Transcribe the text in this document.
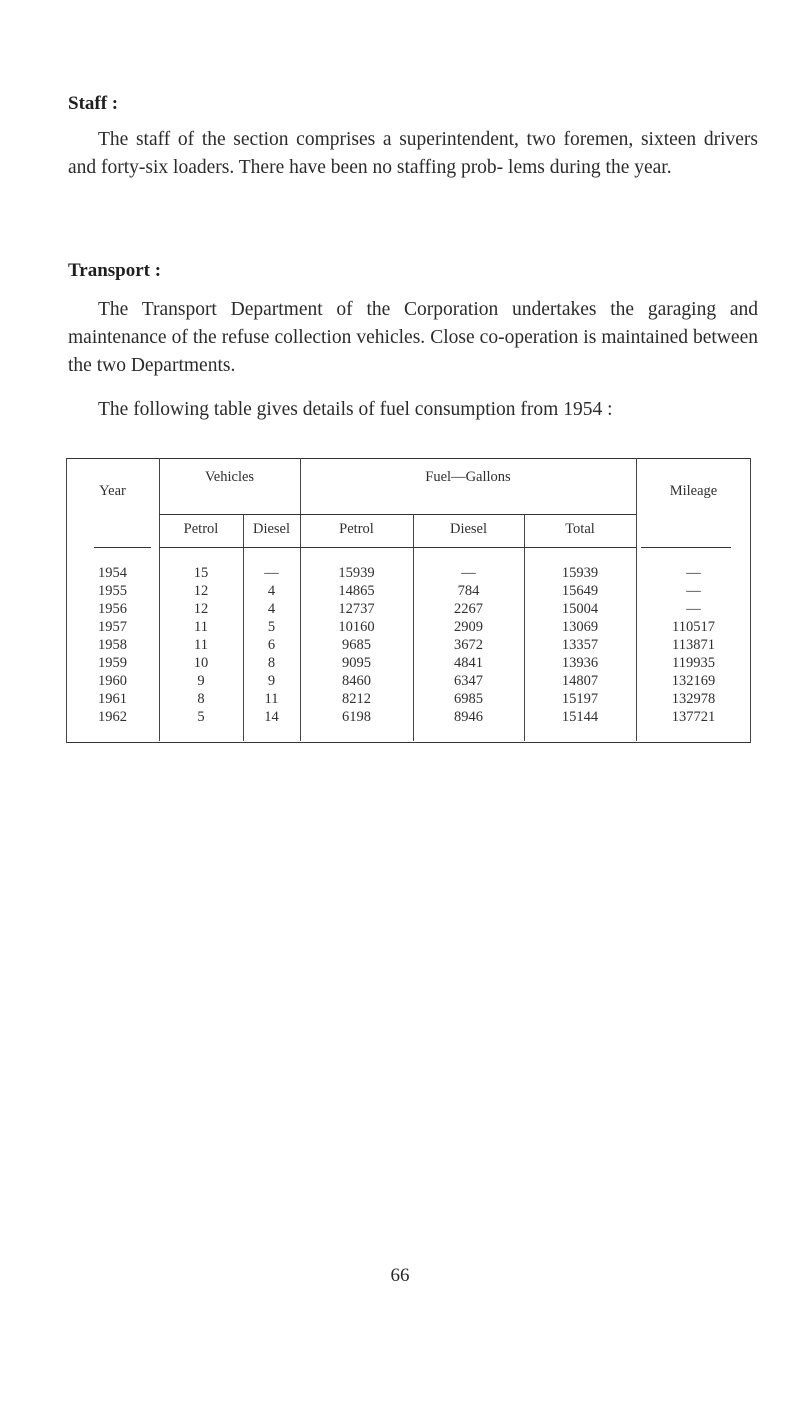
Staff :
The staff of the section comprises a superintendent, two foremen, sixteen drivers and forty-six loaders. There have been no staffing prob- lems during the year.
Transport :
The Transport Department of the Corporation undertakes the garaging and maintenance of the refuse collection vehicles. Close co-operation is maintained between the two Departments.
The following table gives details of fuel consumption from 1954 :
Year
Vehicles	Fuel—Gallons
Mileage
Petrol	Diesel	Petrol	Diesel	Total
1954	15	—	15939	—	15939	—
1955	12	4	14865	784	15649	—
1956	12	4	12737	2267	15004	—
1957	11	5	10160	2909	13069	110517
1958	11	6	9685	3672	13357	113871
1959	10	8	9095	4841	13936	119935
1960	9	9	8460	6347	14807	132169
1961	8	11	8212	6985	15197	132978
1962	5	14	6198	8946	15144	137721
66
